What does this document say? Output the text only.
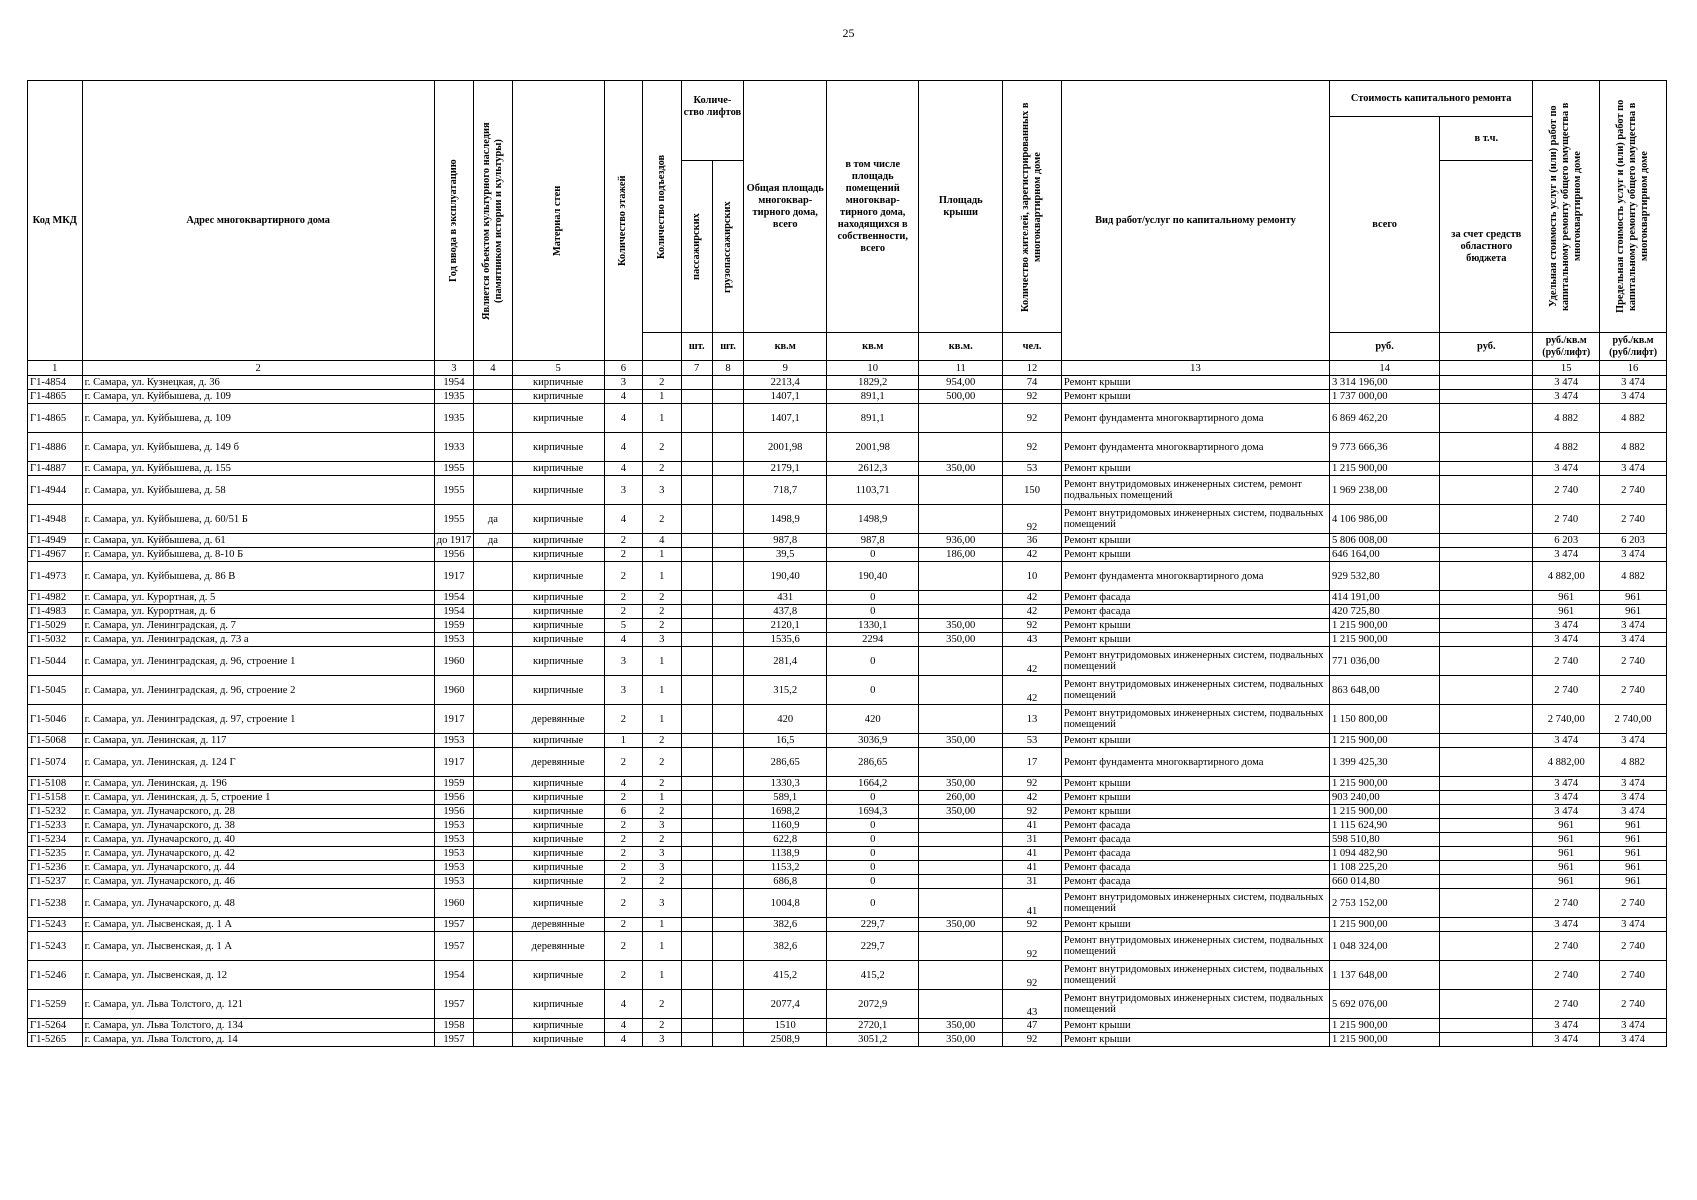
25
Код МКД	Адрес многоквартирного дома	Год ввода в эксплуатацию	Является объектом культурного наследия (памятником истории и культуры)	Материал стен	Количество этажей	Количество подъездов	Количе-ство лифтов		Общая площадь многоквар-тирного дома, всего	в том числе площадь помещений многоквар-тирного дома, находящихся в собственности, всего	Площадь крыши	Количество жителей, зарегистрированных в многоквартирном доме	Вид работ/услуг по капитальному ремонту	Стоимость капитального ремонта		Удельная стоимость услуг и (или) работ по капитальному ремонту общего имущества в многоквартирном доме	Предельная стоимость услуг и (или) работ по капитальному ремонту общего имущества в многоквартирном доме

														всего	в т.ч.		

							пассажирских	грузопассажирских							за счет средств областного бюджета		
							шт.	шт.	кв.м	кв.м	кв.м.	чел.		руб.	руб.	руб./кв.м (руб/лифт)	руб./кв.м (руб/лифт)
1	2	3	4	5	6		7	8	9	10	11	12	13	14		15	16
Г1-4854	г. Самара, ул. Кузнецкая, д. 36	1954		кирпичные	3	2			2213,4	1829,2	954,00	74	Ремонт крыши	3 314 196,00		3 474	3 474
Г1-4865	г. Самара, ул. Куйбышева, д. 109	1935		кирпичные	4	1			1407,1	891,1	500,00	92	Ремонт крыши	1 737 000,00		3 474	3 474
Г1-4865	г. Самара, ул. Куйбышева, д. 109	1935		кирпичные	4	1			1407,1	891,1		92	Ремонт фундамента многоквартирного дома	6 869 462,20		4 882	4 882
Г1-4886	г. Самара, ул. Куйбышева, д. 149 б	1933		кирпичные	4	2			2001,98	2001,98		92	Ремонт фундамента многоквартирного дома	9 773 666,36		4 882	4 882
Г1-4887	г. Самара, ул. Куйбышева, д. 155	1955		кирпичные	4	2			2179,1	2612,3	350,00	53	Ремонт крыши	1 215 900,00		3 474	3 474
Г1-4944	г. Самара, ул. Куйбышева, д. 58	1955		кирпичные	3	3			718,7	1103,71		150	Ремонт внутридомовых инженерных систем, ремонт подвальных помещений	1 969 238,00		2 740	2 740
Г1-4948	г. Самара, ул. Куйбышева, д. 60/51 Б	1955	да	кирпичные	4	2			1498,9	1498,9		92	Ремонт внутридомовых инженерных систем, подвальных помещений	4 106 986,00		2 740	2 740
Г1-4949	г. Самара, ул. Куйбышева, д. 61	до 1917	да	кирпичные	2	4			987,8	987,8	936,00	36	Ремонт крыши	5 806 008,00		6 203	6 203
Г1-4967	г. Самара, ул. Куйбышева, д. 8-10 Б	1956		кирпичные	2	1			39,5	0	186,00	42	Ремонт крыши	646 164,00		3 474	3 474
Г1-4973	г. Самара, ул. Куйбышева, д. 86 В	1917		кирпичные	2	1			190,40	190,40		10	Ремонт фундамента многоквартирного дома	929 532,80		4 882,00	4 882
Г1-4982	г. Самара, ул. Курортная, д. 5	1954		кирпичные	2	2			431	0		42	Ремонт фасада	414 191,00		961	961
Г1-4983	г. Самара, ул. Курортная, д. 6	1954		кирпичные	2	2			437,8	0		42	Ремонт фасада	420 725,80		961	961
Г1-5029	г. Самара, ул. Ленинградская, д. 7	1959		кирпичные	5	2			2120,1	1330,1	350,00	92	Ремонт крыши	1 215 900,00		3 474	3 474
Г1-5032	г. Самара, ул. Ленинградская, д. 73 а	1953		кирпичные	4	3			1535,6	2294	350,00	43	Ремонт крыши	1 215 900,00		3 474	3 474
Г1-5044	г. Самара, ул. Ленинградская, д. 96, строение 1	1960		кирпичные	3	1			281,4	0		42	Ремонт внутридомовых инженерных систем, подвальных помещений	771 036,00		2 740	2 740
Г1-5045	г. Самара, ул. Ленинградская, д. 96, строение 2	1960		кирпичные	3	1			315,2	0		42	Ремонт внутридомовых инженерных систем, подвальных помещений	863 648,00		2 740	2 740
Г1-5046	г. Самара, ул. Ленинградская, д. 97, строение 1	1917		деревянные	2	1			420	420		13	Ремонт внутридомовых инженерных систем, подвальных помещений	1 150 800,00		2 740,00	2 740,00
Г1-5068	г. Самара, ул. Ленинская, д. 117	1953		кирпичные	1	2			16,5	3036,9	350,00	53	Ремонт крыши	1 215 900,00		3 474	3 474
Г1-5074	г. Самара, ул. Ленинская, д. 124 Г	1917		деревянные	2	2			286,65	286,65		17	Ремонт фундамента многоквартирного дома	1 399 425,30		4 882,00	4 882
Г1-5108	г. Самара, ул. Ленинская, д. 196	1959		кирпичные	4	2			1330,3	1664,2	350,00	92	Ремонт крыши	1 215 900,00		3 474	3 474
Г1-5158	г. Самара, ул. Ленинская, д. 5, строение 1	1956		кирпичные	2	1			589,1	0	260,00	42	Ремонт крыши	903 240,00		3 474	3 474
Г1-5232	г. Самара, ул. Луначарского, д. 28	1956		кирпичные	6	2			1698,2	1694,3	350,00	92	Ремонт крыши	1 215 900,00		3 474	3 474
Г1-5233	г. Самара, ул. Луначарского, д. 38	1953		кирпичные	2	3			1160,9	0		41	Ремонт фасада	1 115 624,90		961	961
Г1-5234	г. Самара, ул. Луначарского, д. 40	1953		кирпичные	2	2			622,8	0		31	Ремонт фасада	598 510,80		961	961
Г1-5235	г. Самара, ул. Луначарского, д. 42	1953		кирпичные	2	3			1138,9	0		41	Ремонт фасада	1 094 482,90		961	961
Г1-5236	г. Самара, ул. Луначарского, д. 44	1953		кирпичные	2	3			1153,2	0		41	Ремонт фасада	1 108 225,20		961	961
Г1-5237	г. Самара, ул. Луначарского, д. 46	1953		кирпичные	2	2			686,8	0		31	Ремонт фасада	660 014,80		961	961
Г1-5238	г. Самара, ул. Луначарского, д. 48	1960		кирпичные	2	3			1004,8	0		41	Ремонт внутридомовых инженерных систем, подвальных помещений	2 753 152,00		2 740	2 740
Г1-5243	г. Самара, ул. Лысвенская, д. 1 А	1957		деревянные	2	1			382,6	229,7	350,00	92	Ремонт крыши	1 215 900,00		3 474	3 474
Г1-5243	г. Самара, ул. Лысвенская, д. 1 А	1957		деревянные	2	1			382,6	229,7		92	Ремонт внутридомовых инженерных систем, подвальных помещений	1 048 324,00		2 740	2 740
Г1-5246	г. Самара, ул. Лысвенская, д. 12	1954		кирпичные	2	1			415,2	415,2		92	Ремонт внутридомовых инженерных систем, подвальных помещений	1 137 648,00		2 740	2 740
Г1-5259	г. Самара, ул. Льва Толстого, д. 121	1957		кирпичные	4	2			2077,4	2072,9		43	Ремонт внутридомовых инженерных систем, подвальных помещений	5 692 076,00		2 740	2 740
Г1-5264	г. Самара, ул. Льва Толстого, д. 134	1958		кирпичные	4	2			1510	2720,1	350,00	47	Ремонт крыши	1 215 900,00		3 474	3 474
Г1-5265	г. Самара, ул. Льва Толстого, д. 14	1957		кирпичные	4	3			2508,9	3051,2	350,00	92	Ремонт крыши	1 215 900,00		3 474	3 474
